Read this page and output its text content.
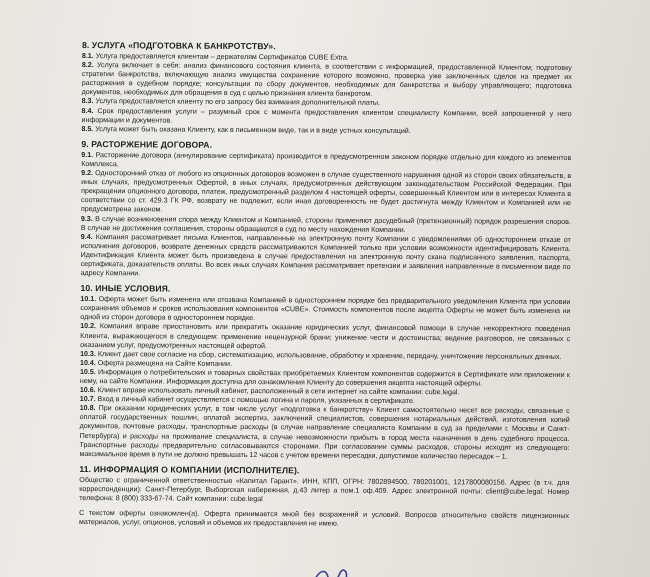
8. УСЛУГА «ПОДГОТОВКА К БАНКРОТСТВУ».

8.1. Услуга предоставляется клиентам – держателям Сертификатов CUBE Extra.

8.2. Услуга включает в себя: анализ финансового состояния клиента, в соответствии с информацией, предоставленной Клиентом; подготовку стратегии банкротства, включающую анализ имущества сохранение которого возможно, проверка уже заключенных сделок на предмет их расторжения в судебном порядке; консультации по сбору документов, необходимых для банкротства и выбору управляющего; подготовка документов, необходимых для обращения в суд с целью признания клиента банкротом.

8.3. Услуга предоставляется клиенту по его запросу без взимания дополнительной платы.

8.4. Срок предоставления услуги – разумный срок с момента предоставления клиентом специалисту Компании, всей запрошенной у него информации и документов.

8.5. Услуга может быть оказана Клиенту, как в письменном виде, так и в виде устных консультаций.

9. РАСТОРЖЕНИЕ ДОГОВОРА.

9.1. Расторжение договора (аннулирование сертификата) производится в предусмотренном законом порядке отдельно для каждого из элементов Комплекса.

9.2. Односторонний отказ от любого из опционных договоров возможен в случае существенного нарушения одной из сторон своих обязательств, в иных случаях, предусмотренных Офертой, в иных случаях, предусмотренных действующим законодательством Российской Федерации. При прекращении опционного договора, платеж, предусмотренный разделом 4 настоящей оферты, совершенный Клиентом или в интересах Клиента в соответствии со ст. 429.3 ГК РФ, возврату не подлежит, если иная договоренность не будет достигнута между Клиентом и Компанией или не предусмотрена законом.

9.3. В случае возникновения спора между Клиентом и Компанией, стороны применяют досудебный (претензионный) порядок разрешения споров. В случае не достижения соглашения, стороны обращаются в суд по месту нахождения Компании.

9.4. Компания рассматривает письма Клиентов, направленные на электронную почту Компании с уведомлениями об одностороннем отказе от исполнения договоров, возврате денежных средств рассматриваются Компанией только при условии возможности идентифицировать Клиента. Идентификация Клиента может быть произведена в случае предоставления на электронную почту скана подписанного заявления, паспорта, сертификата, доказательств оплаты. Во всех иных случаях Компания рассматривает претензии и заявления направленные в письменном виде по адресу Компании.

10. ИНЫЕ УСЛОВИЯ.

10.1. Оферта может быть изменена или отозвана Компанией в одностороннем порядке без предварительного уведомления Клиента при условии сохранения объемов и сроков использования компонентов «CUBE». Стоимость компонентов после акцепта Оферты не может быть изменена ни одной из сторон договора в одностороннем порядке.

10.2. Компания вправе приостановить или прекратить оказание юридических услуг, финансовой помощи в случае некорректного поведения Клиента, выражающегося в следующем: применение нецензурной брани; унижение чести и достоинства; ведение разговоров, не связанных с оказанием услуг, предусмотренных настоящей офертой.

10.3. Клиент дает свое согласие на сбор, систематизацию, использование, обработку и хранение, передачу, уничтожение персональных данных.

10.4. Оферта размещена на Сайте Компании.

10.5. Информация о потребительских и товарных свойствах приобретаемых Клиентом компонентов содержится в Сертификате или приложении к нему, на сайте Компании. Информация доступна для ознакомления Клиенту до совершения акцепта настоящей оферты.

10.6. Клиент вправе использовать личный кабинет, расположенный в сети интернет на сайте компании: cube.legal.

10.7. Вход в личный кабинет осуществляется с помощью логина и пароля, указанных в сертификате.

10.8. При оказании юридических услуг, в том числе услуг «подготовка к банкротству» Клиент самостоятельно несет все расходы, связанные с оплатой государственных пошлин, оплатой экспертиз, заключений специалистов, совершения нотариальных действий, изготовления копий документов, почтовые расходы, транспортные расходы (в случае направление специалиста Компании в суд за пределами г. Москвы и Санкт-Петербурга) и расходы на проживание специалиста, в случае невозможности прибыть в город места назначения в день судебного процесса. Транспортные расходы предварительно согласовываются сторонами. При согласовании суммы расходов, стороны исходят из следующего: максимальное время в пути не должно превышать 12 часов с учетом времени пересадки, допустимое количество пересадок – 1.

11. ИНФОРМАЦИЯ О КОМПАНИИ (ИСПОЛНИТЕЛЕ).

Общество с ограниченной ответственностью «Капитал Гарант». ИНН, КПП, ОГРН: 7802894500, 780201001, 1217800080156. Адрес (в т.ч. для корреспонденции): Санкт-Петербург, Выборгская набережная, д.43 литер а пом.1 оф.409. Адрес электронной почты: client@cube.legal. Номер телефона: 8 (800) 333-67-74. Сайт компании: cube.legal

С текстом оферты ознакомлен(а). Оферта принимается мной без возражений и условий. Вопросов относительно свойств лицензионных материалов, услуг, опционов, условий и объемов их предоставления не имею.
